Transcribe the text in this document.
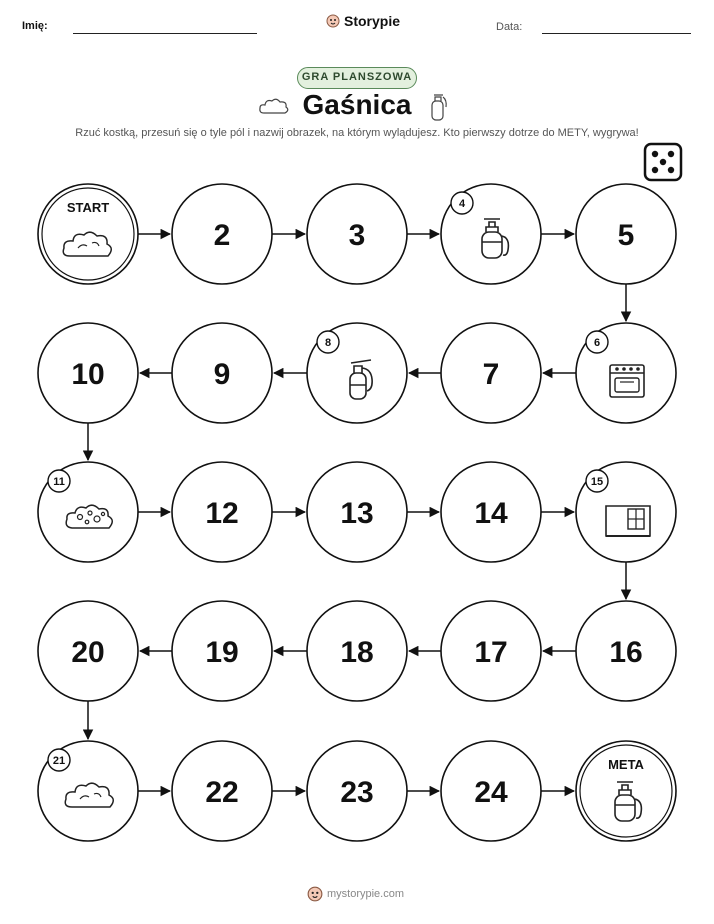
Imię:	Storypie	Data:
GRA PLANSZOWA
Gaśnica
Rzuć kostką, przesuń się o tyle pól i nazwij obrazek, na którym wylądujesz. Kto pierwszy dotrze do METY, wygrywa!
START
2	3
4
5
6
7
8
9
10
11
12	13	14
15
16
17
18
19
20
21
22	23	24
META
mystorypie.com
